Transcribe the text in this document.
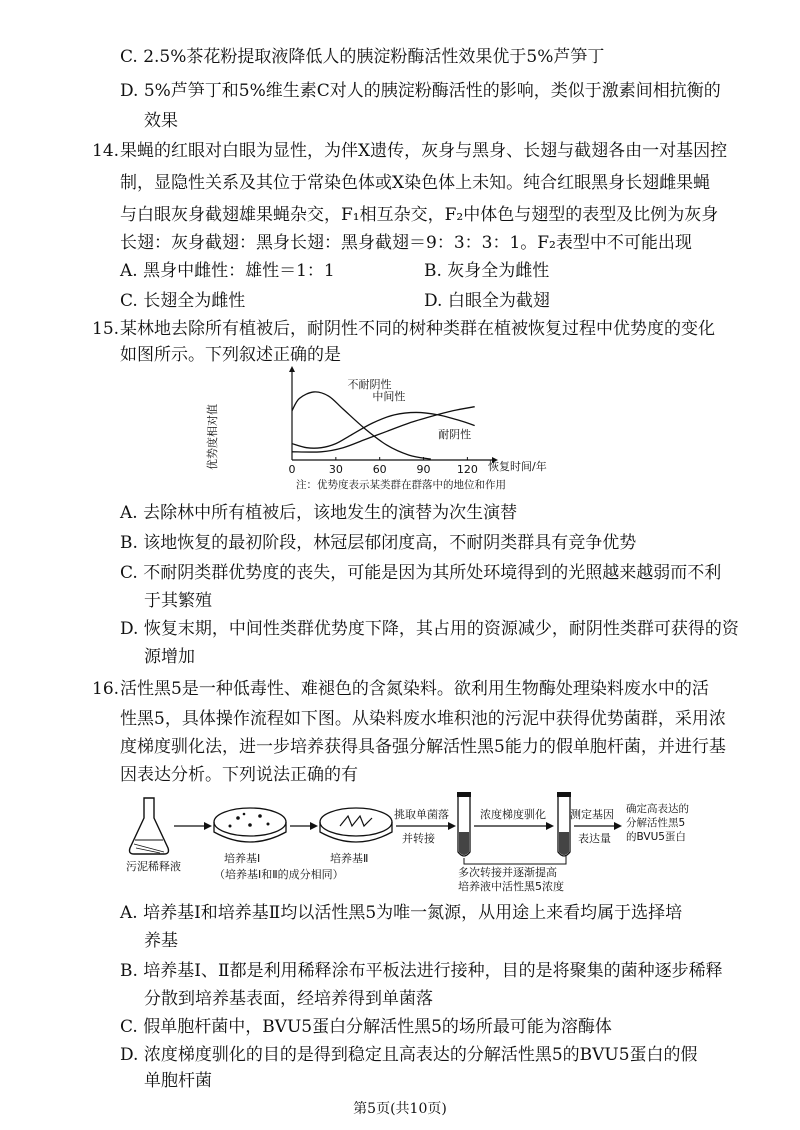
C. 2.5%茶花粉提取液降低人的胰淀粉酶活性效果优于5%芦笋丁
D. 5%芦笋丁和5%维生素C对人的胰淀粉酶活性的影响，类似于激素间相抗衡的
效果
14. 果蝇的红眼对白眼为显性，为伴X遗传，灰身与黑身、长翅与截翅各由一对基因控
制，显隐性关系及其位于常染色体或X染色体上未知。纯合红眼黑身长翅雌果蝇
与白眼灰身截翅雄果蝇杂交，F₁相互杂交，F₂中体色与翅型的表型及比例为灰身
长翅：灰身截翅：黑身长翅：黑身截翅＝9：3：3：1。F₂表型中不可能出现
A. 黑身中雌性：雄性＝1：1	B. 灰身全为雌性
C. 长翅全为雌性	D. 白眼全为截翅
15. 某林地去除所有植被后，耐阴性不同的树种类群在植被恢复过程中优势度的变化
如图所示。下列叙述正确的是
0	30	60	90 120
不耐阴性
中间性
耐阴性
优势度相对值	恢复时间/年
注：优势度表示某类群在群落中的地位和作用
A. 去除林中所有植被后，该地发生的演替为次生演替
B. 该地恢复的最初阶段，林冠层郁闭度高，不耐阴类群具有竞争优势
C. 不耐阴类群优势度的丧失，可能是因为其所处环境得到的光照越来越弱而不利
于其繁殖
D. 恢复末期，中间性类群优势度下降，其占用的资源减少，耐阴性类群可获得的资
源增加
16. 活性黑5是一种低毒性、难褪色的含氮染料。欲利用生物酶处理染料废水中的活
性黑5，具体操作流程如下图。从染料废水堆积池的污泥中获得优势菌群，采用浓
度梯度驯化法，进一步培养获得具备强分解活性黑5能力的假单胞杆菌，并进行基
因表达分析。下列说法正确的有
污泥稀释液
培养基Ⅰ
（培养基Ⅰ和Ⅱ的成分相同）
培养基Ⅱ
挑取单菌落
并转接
浓度梯度驯化
多次转接并逐渐提高
培养液中活性黑5浓度
测定基因
表达量
确定高表达的
分解活性黑5
的BVU5蛋白
A. 培养基Ⅰ和培养基Ⅱ均以活性黑5为唯一氮源，从用途上来看均属于选择培
养基
B. 培养基Ⅰ、Ⅱ都是利用稀释涂布平板法进行接种，目的是将聚集的菌种逐步稀释
分散到培养基表面，经培养得到单菌落
C. 假单胞杆菌中，BVU5蛋白分解活性黑5的场所最可能为溶酶体
D. 浓度梯度驯化的目的是得到稳定且高表达的分解活性黑5的BVU5蛋白的假
单胞杆菌
第5页(共10页)
